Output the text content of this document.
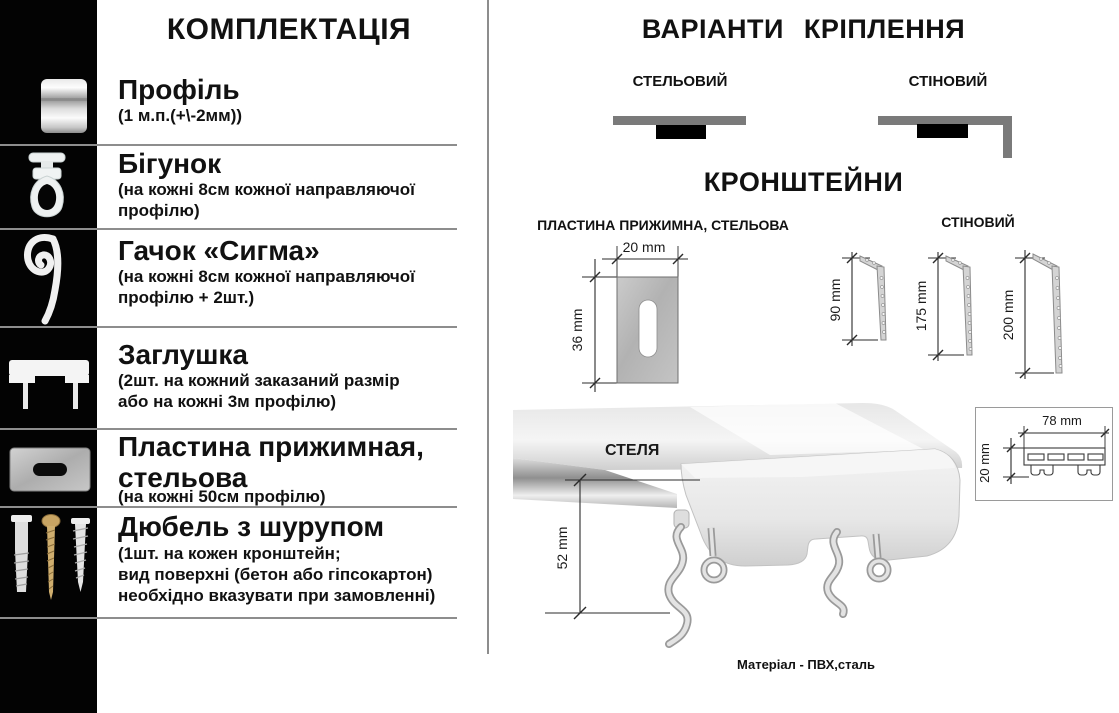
КОМПЛЕКТАЦІЯ
Профіль
(1 м.п.(+\-2мм))
Бігунок
(на кожні 8см кожної направляючої
профілю)
Гачок «Сигма»
(на кожні 8см кожної направляючої
профілю + 2шт.)
Заглушка
(2шт. на кожний заказаний размір
або на кожні 3м профілю)
Пластина прижимная,
стельова
(на кожні 50см профілю)
Дюбель з шурупом
(1шт. на кожен кронштейн;
вид поверхні (бетон або гіпсокартон)
необхідно вказувати при замовленні)
ВАРІАНТИ КРІПЛЕННЯ
СТЕЛЬОВИЙ	СТІНОВИЙ
КРОНШТЕЙНИ
ПЛАСТИНА ПРИЖИМНА, СТЕЛЬОВА	СТІНОВИЙ
20 mm
36 mm
90 mm	175 mm	200 mm
СТЕЛЯ
52 mm
78 mm
20 mm
Матеріал - ПВХ,сталь
